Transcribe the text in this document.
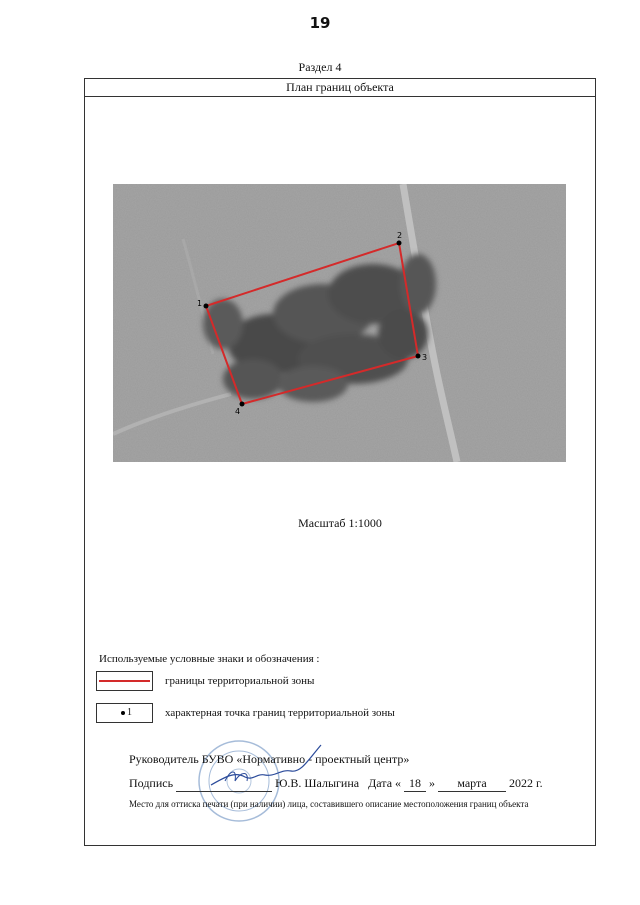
19
Раздел 4
План границ объекта
1
2
3
4
Масштаб 1:1000
Используемые условные знаки и обозначения :
границы территориальной зоны
1	характерная точка границ территориальной зоны
Руководитель БУВО «Нормативно - проектный центр»
Подпись	Ю.В. Шалыгина Дата « 18 » марта 2022 г.
Место для оттиска печати (при наличии) лица, составившего описание местоположения границ объекта
